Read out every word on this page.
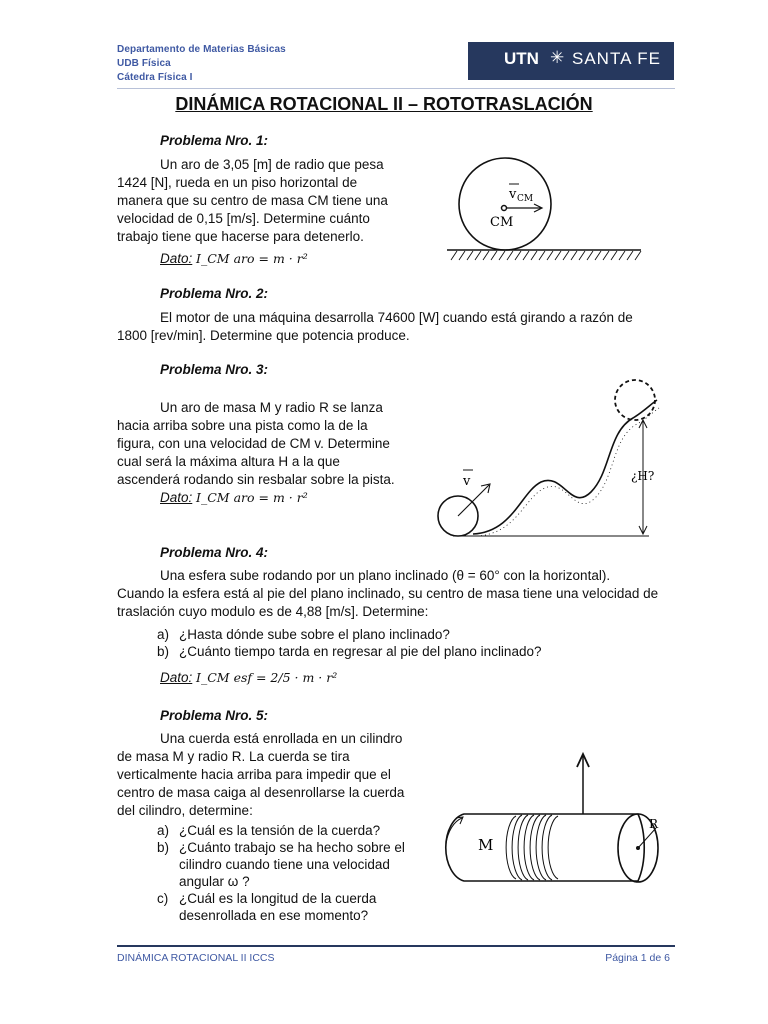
Departamento de Materias Básicas
UDB Física
Cátedra Física I
UTN ✳ SANTA FE
DINÁMICA ROTACIONAL II – ROTOTRASLACIÓN
Problema Nro. 1:
Un aro de 3,05 [m] de radio que pesa
1424 [N], rueda en un piso horizontal de
manera que su centro de masa CM tiene una
velocidad de 0,15 [m/s]. Determine cuánto
trabajo tiene que hacerse para detenerlo.
Dato: I_CM aro = m · r²
v CM
CM
Problema Nro. 2:
El motor de una máquina desarrolla 74600 [W] cuando está girando a razón de
1800 [rev/min]. Determine que potencia produce.
Problema Nro. 3:
Un aro de masa M y radio R se lanza
hacia arriba sobre una pista como la de la
figura, con una velocidad de CM v. Determine
cual será la máxima altura H a la que
ascenderá rodando sin resbalar sobre la pista.
Dato: I_CM aro = m · r²
v	¿H?
Problema Nro. 4:
Una esfera sube rodando por un plano inclinado (θ = 60° con la horizontal).
Cuando la esfera está al pie del plano inclinado, su centro de masa tiene una velocidad de
traslación cuyo modulo es de 4,88 [m/s]. Determine:
a) ¿Hasta dónde sube sobre el plano inclinado?
b) ¿Cuánto tiempo tarda en regresar al pie del plano inclinado?
Dato: I_CM esf = 2/5 · m · r²
Problema Nro. 5:
Una cuerda está enrollada en un cilindro
de masa M y radio R. La cuerda se tira
verticalmente hacia arriba para impedir que el
centro de masa caiga al desenrollarse la cuerda
del cilindro, determine:
a) ¿Cuál es la tensión de la cuerda?
b) ¿Cuánto trabajo se ha hecho sobre el
cilindro cuando tiene una velocidad
angular ω ?
c) ¿Cuál es la longitud de la cuerda
desenrollada en ese momento?
M
R
DINÁMICA ROTACIONAL II ICCS	Página 1 de 6
